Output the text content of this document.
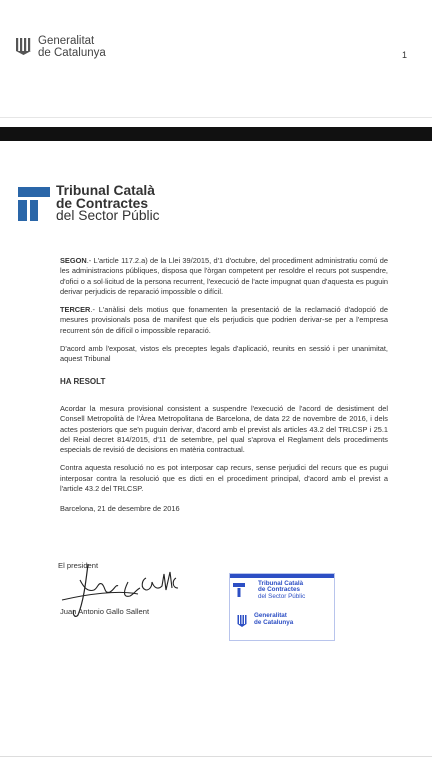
Generalitat
de Catalunya	1
Tribunal Català
de Contractes
del Sector Públic

SEGON.- L'article 117.2.a) de la Llei 39/2015, d'1 d'octubre, del procediment administratiu comú de les administracions públiques, disposa que l'òrgan competent per resoldre el recurs pot suspendre, d'ofici o a sol·licitud de la persona recurrent, l'execució de l'acte impugnat quan d'aquesta es puguin derivar perjudicis de reparació impossible o difícil.

TERCER.- L'anàlisi dels motius que fonamenten la presentació de la reclamació d'adopció de mesures provisionals posa de manifest que els perjudicis que podrien derivar-se per a l'empresa recurrent són de difícil o impossible reparació.

D'acord amb l'exposat, vistos els preceptes legals d'aplicació, reunits en sessió i per unanimitat, aquest Tribunal

HA RESOLT

Acordar la mesura provisional consistent a suspendre l'execució de l'acord de desistiment del Consell Metropolità de l'Àrea Metropolitana de Barcelona, de data 22 de novembre de 2016, i dels actes posteriors que se'n puguin derivar, d'acord amb el previst als articles 43.2 del TRLCSP i 25.1 del Reial decret 814/2015, d'11 de setembre, pel qual s'aprova el Reglament dels procediments especials de revisió de decisions en matèria contractual.

Contra aquesta resolució no es pot interposar cap recurs, sense perjudici del recurs que es pugui interposar contra la resolució que es dicti en el procediment principal, d'acord amb el previst a l'article 43.2 del TRLCSP.

Barcelona, 21 de desembre de 2016

El president
Juan Antonio Gallo Sallent
Tribunal Català
de Contractes
del Sector Públic
Generalitat
de Catalunya
